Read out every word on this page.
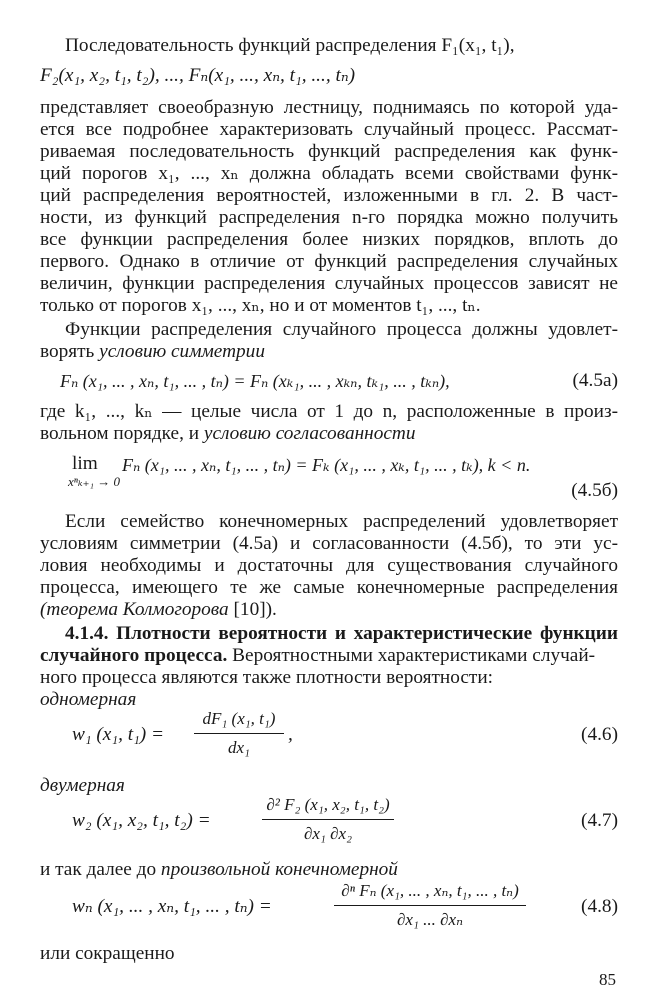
Последовательность функций распределения F₁(x₁, t₁),
F₂(x₁, x₂, t₁, t₂), ..., Fₙ(x₁, ..., xₙ, t₁, ..., tₙ)
представляет своеобразную лестницу, поднимаясь по которой уда-
ется все подробнее характеризовать случайный процесс. Рассмат-
риваемая последовательность функций распределения как функ-
ций порогов x₁, ..., xₙ должна обладать всеми свойствами функ-
ций распределения вероятностей, изложенными в гл. 2. В част-
ности, из функций распределения n-го порядка можно получить
все функции распределения более низких порядков, вплоть до
первого. Однако в отличие от функций распределения случайных
величин, функции распределения случайных процессов зависят не
только от порогов x₁, ..., xₙ, но и от моментов t₁, ..., tₙ.
Функции распределения случайного процесса должны удовлет-
ворять условию симметрии
Fₙ (x₁, ... , xₙ, t₁, ... , tₙ) = Fₙ (xₖ₁, ... , xₖₙ, tₖ₁, ... , tₖₙ),	(4.5а)
где k₁, ..., kₙ — целые числа от 1 до n, расположенные в произ-
вольном порядке, и условию согласованности
lim
xⁿₖ₊₁ → 0
Fₙ (x₁, ... , xₙ, t₁, ... , tₙ) = Fₖ (x₁, ... , xₖ, t₁, ... , tₖ), k < n.
(4.5б)
Если семейство конечномерных распределений удовлетворяет
условиям симметрии (4.5а) и согласованности (4.5б), то эти ус-
ловия необходимы и достаточны для существования случайного
процесса, имеющего те же самые конечномерные распределения
(теорема Колмогорова [10]).
4.1.4. Плотности вероятности и характеристические функции
случайного процесса. Вероятностными характеристиками случай-
ного процесса являются также плотности вероятности:
одномерная
w₁ (x₁, t₁) =
dF₁ (x₁, t₁)
dx₁
,	(4.6)
двумерная
w₂ (x₁, x₂, t₁, t₂) =
∂² F₂ (x₁, x₂, t₁, t₂)
∂x₁ ∂x₂
(4.7)
и так далее до произвольной конечномерной
wₙ (x₁, ... , xₙ, t₁, ... , tₙ) =
∂ⁿ Fₙ (x₁, ... , xₙ, t₁, ... , tₙ)
∂x₁ ... ∂xₙ
(4.8)
или сокращенно
85
